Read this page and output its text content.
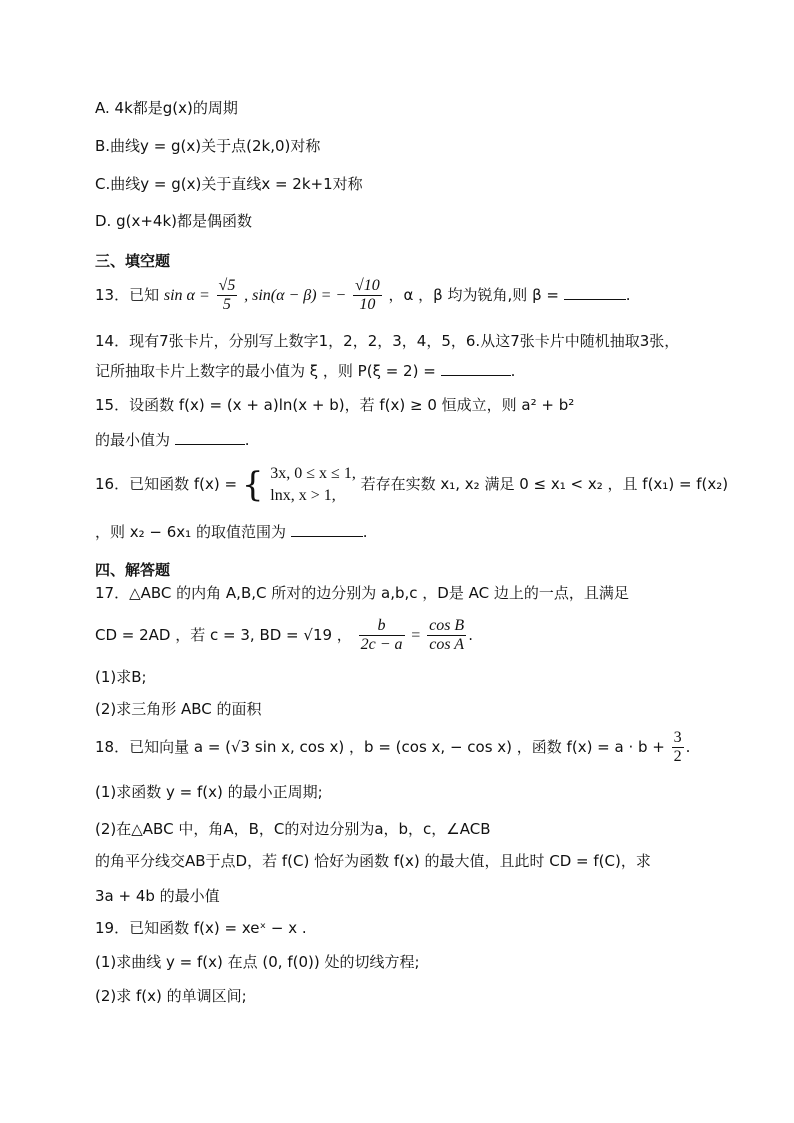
A. 4k都是g(x)的周期
B.曲线y = g(x)关于点(2k,0)对称
C.曲线y = g(x)关于直线x = 2k+1对称
D. g(x+4k)都是偶函数
三、填空题
13．已知 $\sin \alpha = \frac{√5}{5}$ , sin(α − β) = − $\frac{√10}{10}$ ，α ，β 均为锐角,则 β =	.
14．现有7张卡片，分别写上数字1，2，2，3，4，5，6.从这7张卡片中随机抽取3张，
记所抽取卡片上数字的最小值为 ξ ，则 P(ξ = 2) =	.
15．设函数 f(x) = (x + a)ln(x + b)，若 f(x) ≥ 0 恒成立，则 a² + b²
的最小值为	.
16．已知函数 f(x) = { 3x, 0 ≤ x ≤ 1,
lnx, x > 1,
若存在实数 x₁, x₂ 满足 0 ≤ x₁ < x₂ ，且 f(x₁) = f(x₂)
，则 x₂ − 6x₁ 的取值范围为	.
四、解答题
17．△ABC 的内角 A,B,C 所对的边分别为 a,b,c ，D是 AC 边上的一点，且满足
CD = 2AD ，若 c = 3, BD = √19 ， $\frac{b}{2c - a} = \frac{\text{cos B}}{\text{cos A}}$ .
(1)求B;
(2)求三角形 ABC 的面积
18．已知向量 a = (√3 sin x, cos x) ，b = (cos x, − cos x) ，函数 $f(x) = a \cdot b + \frac{3}{2}$ .
(1)求函数 y = f(x) 的最小正周期;
(2)在△ABC 中，角A，B，C的对边分别为a，b，c，∠ACB
的角平分线交AB于点D，若 f(C) 恰好为函数 f(x) 的最大值，且此时 CD = f(C)，求
3a + 4b 的最小值
19．已知函数 f(x) = xeˣ − x .
(1)求曲线 y = f(x) 在点 (0, f(0)) 处的切线方程;
(2)求 f(x) 的单调区间;
